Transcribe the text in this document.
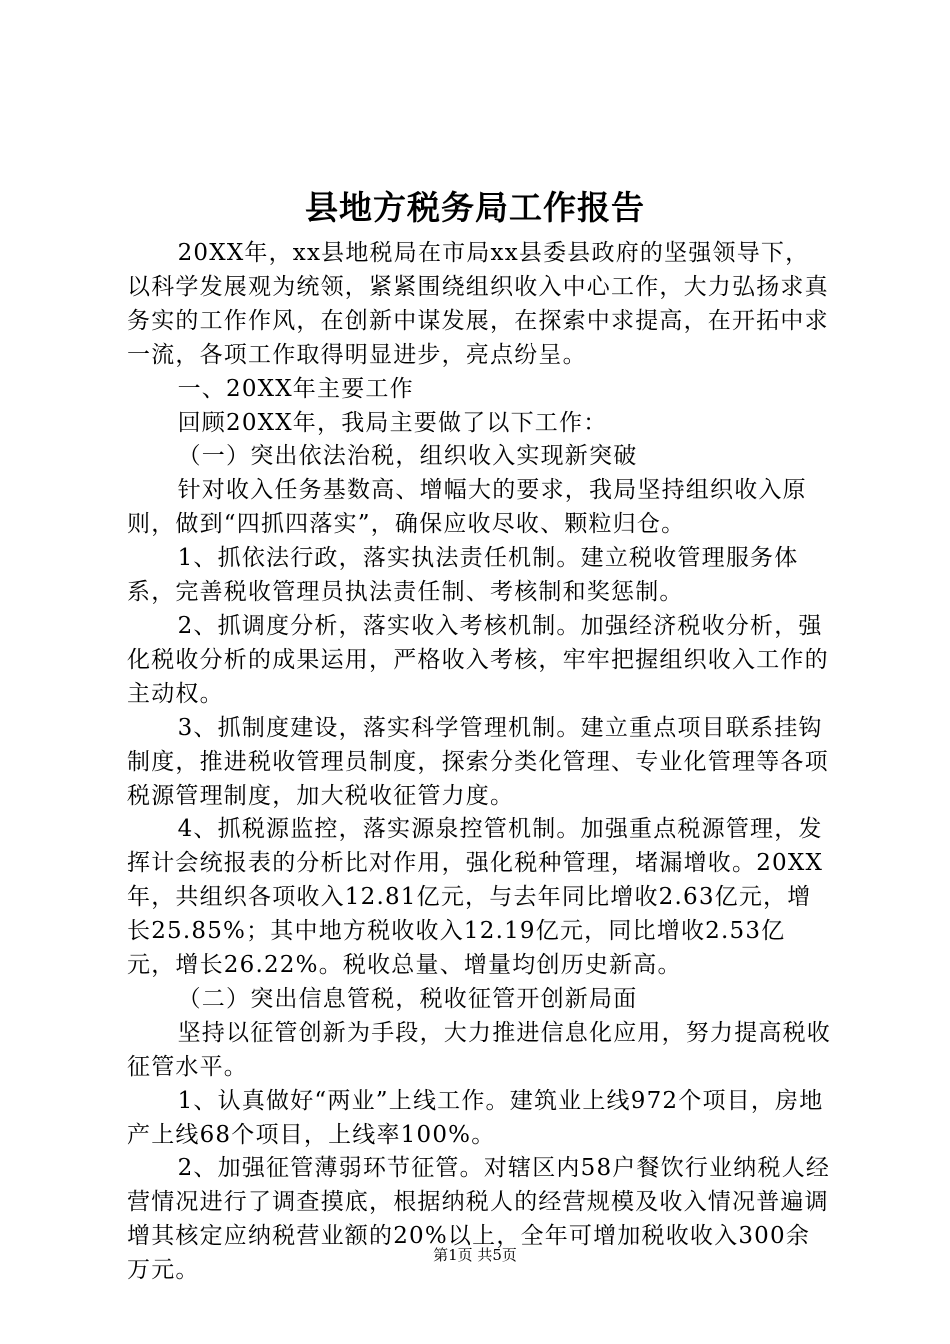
县地方税务局工作报告

20XX年，xx县地税局在市局xx县委县政府的坚强领导下，以科学发展观为统领，紧紧围绕组织收入中心工作，大力弘扬求真务实的工作作风，在创新中谋发展，在探索中求提高，在开拓中求一流，各项工作取得明显进步，亮点纷呈。

一、20XX年主要工作

回顾20XX年，我局主要做了以下工作：

（一）突出依法治税，组织收入实现新突破

针对收入任务基数高、增幅大的要求，我局坚持组织收入原则，做到“四抓四落实”，确保应收尽收、颗粒归仓。

1、抓依法行政，落实执法责任机制。建立税收管理服务体系，完善税收管理员执法责任制、考核制和奖惩制。

2、抓调度分析，落实收入考核机制。加强经济税收分析，强化税收分析的成果运用，严格收入考核，牢牢把握组织收入工作的主动权。

3、抓制度建设，落实科学管理机制。建立重点项目联系挂钩制度，推进税收管理员制度，探索分类化管理、专业化管理等各项税源管理制度，加大税收征管力度。

4、抓税源监控，落实源泉控管机制。加强重点税源管理，发挥计会统报表的分析比对作用，强化税种管理，堵漏增收。20XX年，共组织各项收入12.81亿元，与去年同比增收2.63亿元，增长25.85%；其中地方税收收入12.19亿元，同比增收2.53亿元，增长26.22%。税收总量、增量均创历史新高。

（二）突出信息管税，税收征管开创新局面

坚持以征管创新为手段，大力推进信息化应用，努力提高税收征管水平。

1、认真做好“两业”上线工作。建筑业上线972个项目，房地产上线68个项目，上线率100%。

2、加强征管薄弱环节征管。对辖区内58户餐饮行业纳税人经营情况进行了调查摸底，根据纳税人的经营规模及收入情况普遍调增其核定应纳税营业额的20%以上，全年可增加税收收入300余万元。

第1页 共5页
